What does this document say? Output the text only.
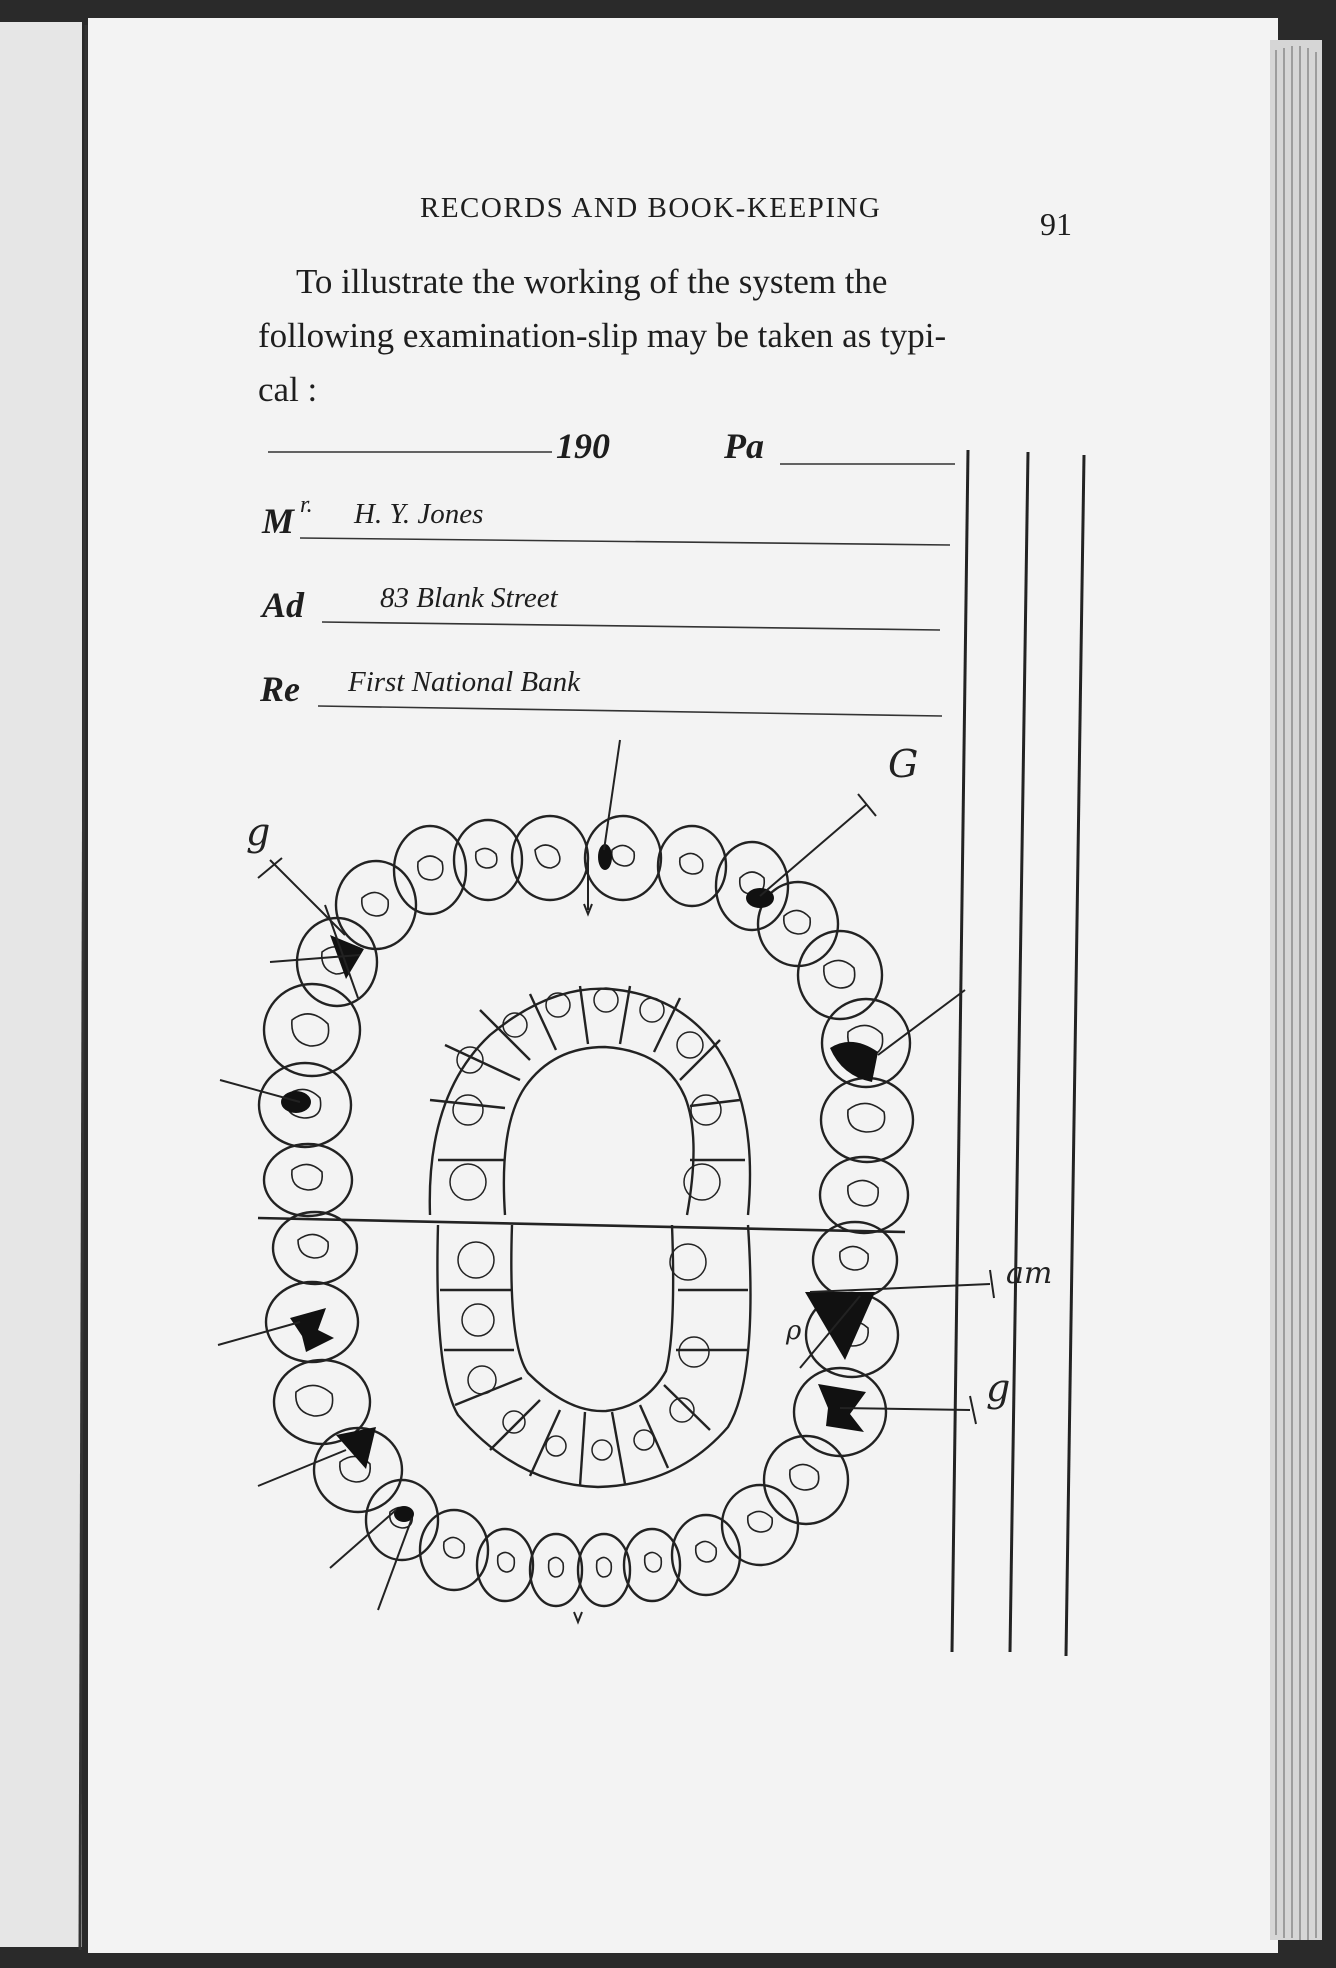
RECORDS AND BOOK-KEEPING	91
To illustrate the working of the system the
following examination-slip may be taken as typi-
cal :
190	Pa
M r. H. Y. Jones
Ad	83 Blank Street
Re First National Bank
g
G
am
g
ρ
